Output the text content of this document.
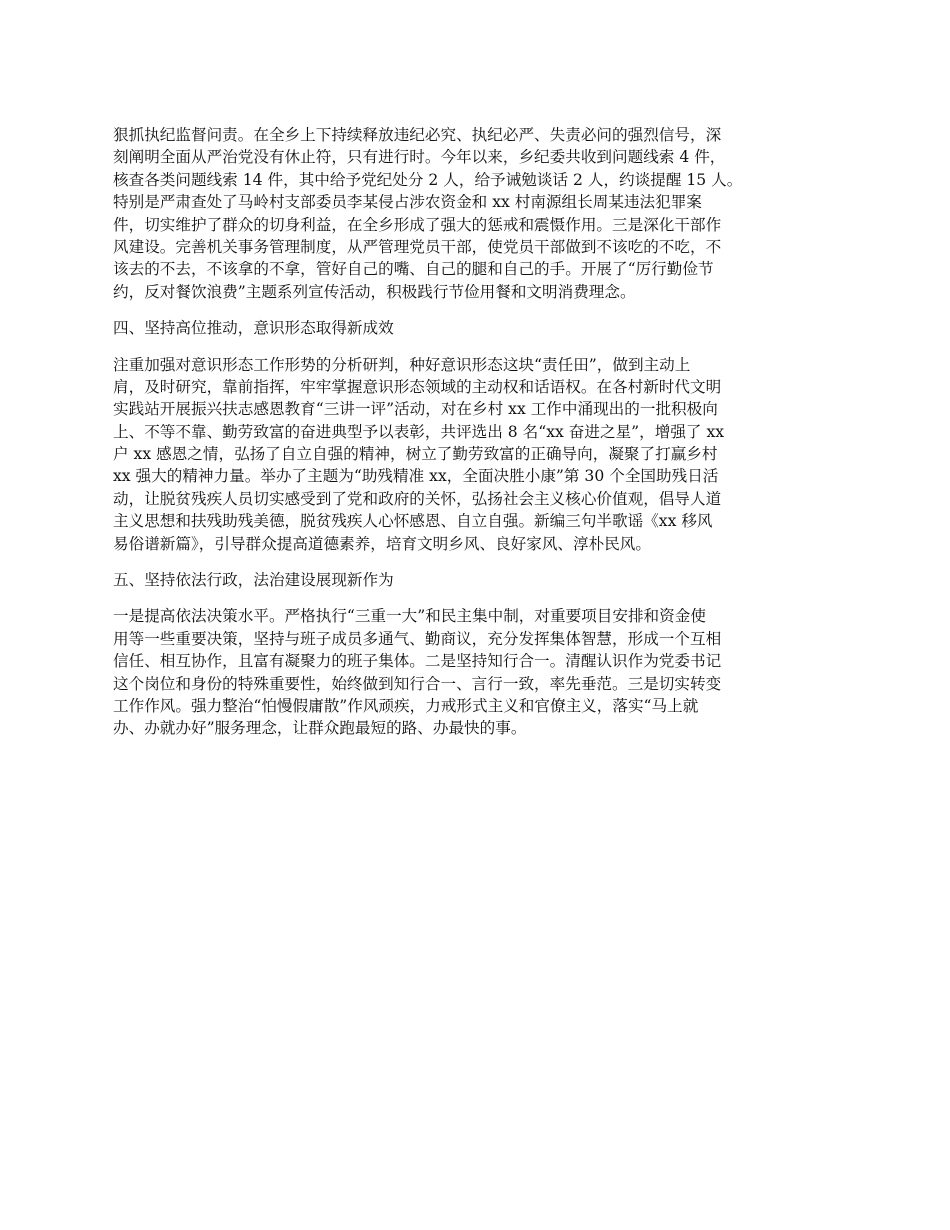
狠抓执纪监督问责。在全乡上下持续释放违纪必究、执纪必严、失责必问的强烈信号，深
刻阐明全面从严治党没有休止符，只有进行时。今年以来，乡纪委共收到问题线索 4 件，
核查各类问题线索 14 件，其中给予党纪处分 2 人，给予诫勉谈话 2 人，约谈提醒 15 人。
特别是严肃查处了马岭村支部委员李某侵占涉农资金和 xx 村南源组长周某违法犯罪案
件，切实维护了群众的切身利益，在全乡形成了强大的惩戒和震慑作用。三是深化干部作
风建设。完善机关事务管理制度，从严管理党员干部，使党员干部做到不该吃的不吃，不
该去的不去，不该拿的不拿，管好自己的嘴、自己的腿和自己的手。开展了“厉行勤俭节
约，反对餐饮浪费”主题系列宣传活动，积极践行节俭用餐和文明消费理念。
四、坚持高位推动，意识形态取得新成效
注重加强对意识形态工作形势的分析研判，种好意识形态这块“责任田”，做到主动上
肩，及时研究，靠前指挥，牢牢掌握意识形态领域的主动权和话语权。在各村新时代文明
实践站开展振兴扶志感恩教育“三讲一评”活动，对在乡村 xx 工作中涌现出的一批积极向
上、不等不靠、勤劳致富的奋进典型予以表彰，共评选出 8 名“xx 奋进之星”，增强了 xx
户 xx 感恩之情，弘扬了自立自强的精神，树立了勤劳致富的正确导向，凝聚了打赢乡村
xx 强大的精神力量。举办了主题为“助残精准 xx，全面决胜小康”第 30 个全国助残日活
动，让脱贫残疾人员切实感受到了党和政府的关怀，弘扬社会主义核心价值观，倡导人道
主义思想和扶残助残美德，脱贫残疾人心怀感恩、自立自强。新编三句半歌谣《xx 移风
易俗谱新篇》，引导群众提高道德素养，培育文明乡风、良好家风、淳朴民风。
五、坚持依法行政，法治建设展现新作为
一是提高依法决策水平。严格执行“三重一大”和民主集中制，对重要项目安排和资金使
用等一些重要决策，坚持与班子成员多通气、勤商议，充分发挥集体智慧，形成一个互相
信任、相互协作，且富有凝聚力的班子集体。二是坚持知行合一。清醒认识作为党委书记
这个岗位和身份的特殊重要性，始终做到知行合一、言行一致，率先垂范。三是切实转变
工作作风。强力整治“怕慢假庸散”作风顽疾，力戒形式主义和官僚主义，落实“马上就
办、办就办好”服务理念，让群众跑最短的路、办最快的事。
